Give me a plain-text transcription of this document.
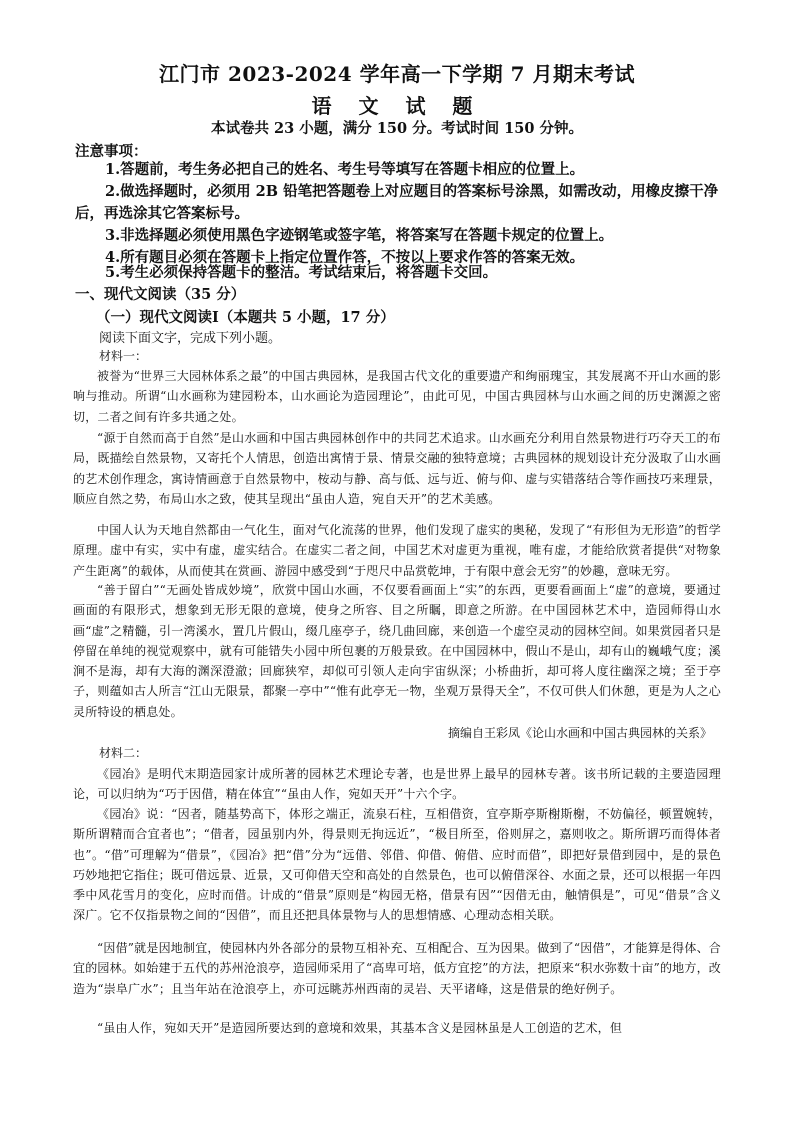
江门市 2023-2024 学年高一下学期 7 月期末考试
语 文 试 题
本试卷共 23 小题，满分 150 分。考试时间 150 分钟。
注意事项：

1.答题前，考生务必把自己的姓名、考生号等填写在答题卡相应的位置上。

2.做选择题时，必须用 2B 铅笔把答题卷上对应题目的答案标号涂黑，如需改动，用橡皮擦干净后，再选涂其它答案标号。

3.非选择题必须使用黑色字迹钢笔或签字笔，将答案写在答题卡规定的位置上。

4.所有题目必须在答题卡上指定位置作答，不按以上要求作答的答案无效。

5.考生必须保持答题卡的整洁。考试结束后，将答题卡交回。

一、现代文阅读（35 分）
（一）现代文阅读Ⅰ（本题共 5 小题，17 分）
阅读下面文字，完成下列小题。
材料一：

被誉为“世界三大园林体系之最”的中国古典园林，是我国古代文化的重要遗产和绚丽瑰宝，其发展离不开山水画的影响与推动。所谓“山水画称为建园粉本，山水画论为造园理论”，由此可见，中国古典园林与山水画之间的历史渊源之密切，二者之间有许多共通之处。

“源于自然而高于自然”是山水画和中国古典园林创作中的共同艺术追求。山水画充分利用自然景物进行巧夺天工的布局，既描绘自然景物，又寄托个人情思，创造出寓情于景、情景交融的独特意境；古典园林的规划设计充分汲取了山水画的艺术创作理念，寓诗情画意于自然景物中，桉动与静、高与低、远与近、俯与仰、虚与实错落结合等作画技巧来理景，顺应自然之势，布局山水之致，使其呈现出“虽由人造，宛自天开”的艺术美感。

中国人认为天地自然都由一气化生，面对气化流荡的世界，他们发现了虚实的奥秘，发现了“有形但为无形造”的哲学原理。虚中有实，实中有虚，虚实结合。在虚实二者之间，中国艺术对虚更为重视，唯有虚，才能给欣赏者提供“对物象产生距离”的载体，从而使其在赏画、游园中感受到“于咫尺中品赏乾坤，于有限中意会无穷”的妙趣，意味无穷。

“善于留白”“无画处皆成妙境”，欣赏中国山水画，不仅要看画面上“实”的东西，更要看画面上“虚”的意境，要通过画面的有限形式，想象到无形无限的意境，使身之所容、目之所瞩，即意之所游。在中国园林艺术中，造园师得山水画“虚”之精髓，引一湾溪水，置几片假山，缀几座亭子，绕几曲回廊，来创造一个虚空灵动的园林空间。如果赏园者只是停留在单纯的视觉观察中，就有可能错失小园中所包裹的万般景致。在中国园林中，假山不是山，却有山的巍峨气度；溪涧不是海，却有大海的渊深澄澈；回廊狭窄，却似可引领人走向宇宙纵深；小桥曲折，却可将人度往幽深之境；至于亭子，则蕴如古人所言“江山无限景，都聚一亭中”“惟有此亭无一物，坐观万景得天全”，不仅可供人们休憩，更是为人之心灵所特设的栖息处。

摘编自王彩凤《论山水画和中国古典园林的关系》
材料二：

《园冶》是明代末期造园家计成所著的园林艺术理论专著，也是世界上最早的园林专著。该书所记载的主要造园理论，可以归纳为“巧于因借，精在体宜”“虽由人作，宛如天开”十六个字。

《园冶》说：“因者，随基势高下，体形之端正，流泉石柱，互相借资，宜亭斯亭斯榭斯榭，不妨偏径，顿置婉转，斯所谓精而合宜者也”；“借者，园虽别内外，得景则无拘远近”，“极目所至，俗则屏之，嘉则收之。斯所谓巧而得体者也”。“借”可理解为“借景”，《园冶》把“借”分为“远借、邻借、仰借、俯借、应时而借”，即把好景借到园中，是的景色巧妙地把它指住；既可借远景、近景，又可仰借天空和高处的自然景色，也可以俯借深谷、水面之景，还可以根据一年四季中风花雪月的变化，应时而借。计成的“借景”原则是“构园无格，借景有因”“因借无由，触情俱是”，可见“借景”含义深广。它不仅指景物之间的“因借”，而且还把具体景物与人的思想情感、心理动态相关联。

“因借”就是因地制宜，使园林内外各部分的景物互相补充、互相配合、互为因果。做到了“因借”，才能算是得体、合宜的园林。如始建于五代的苏州沧浪亭，造园师采用了“高卑可培，低方宜挖”的方法，把原来“积水弥数十亩”的地方，改造为“崇阜广水”；且当年站在沧浪亭上，亦可远眺苏州西南的灵岩、天平诸峰，这是借景的绝好例子。

“虽由人作，宛如天开”是造园所要达到的意境和效果，其基本含义是园林虽是人工创造的艺术，但
